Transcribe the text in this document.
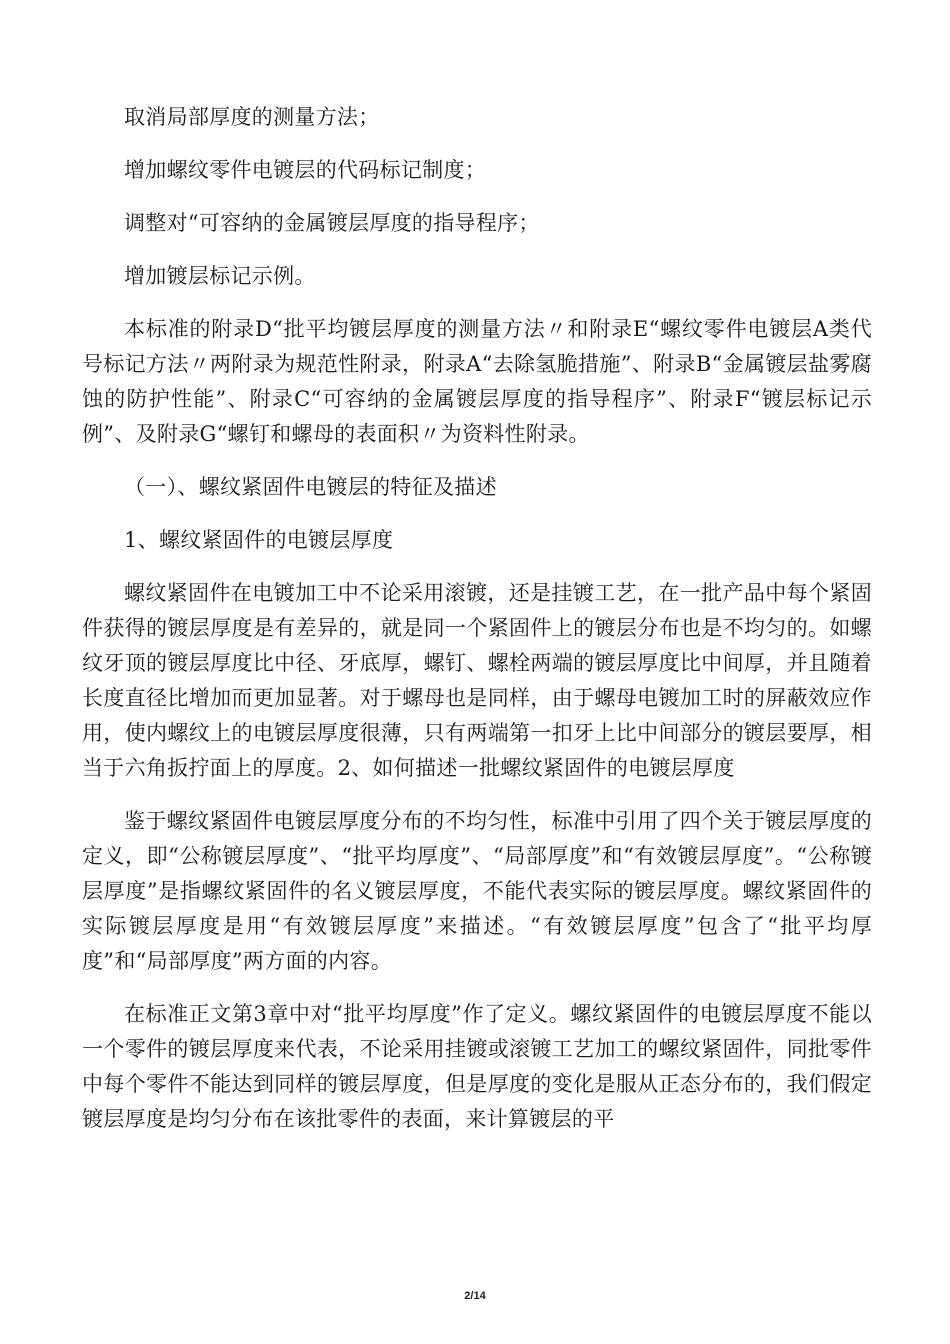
取消局部厚度的测量方法；

增加螺纹零件电镀层的代码标记制度；

调整对“可容纳的金属镀层厚度的指导程序；

增加镀层标记示例。

本标准的附录D“批平均镀层厚度的测量方法〃和附录E“螺纹零件电镀层A类代号标记方法〃两附录为规范性附录，附录A“去除氢脆措施”、附录B“金属镀层盐雾腐蚀的防护性能”、附录C“可容纳的金属镀层厚度的指导程序”、附录F“镀层标记示例”、及附录G“螺钉和螺母的表面积〃为资料性附录。

（一）、螺纹紧固件电镀层的特征及描述

1、螺纹紧固件的电镀层厚度

螺纹紧固件在电镀加工中不论采用滚镀，还是挂镀工艺，在一批产品中每个紧固件获得的镀层厚度是有差异的，就是同一个紧固件上的镀层分布也是不均匀的。如螺纹牙顶的镀层厚度比中径、牙底厚，螺钉、螺栓两端的镀层厚度比中间厚，并且随着长度直径比增加而更加显著。对于螺母也是同样，由于螺母电镀加工时的屏蔽效应作用，使内螺纹上的电镀层厚度很薄，只有两端第一扣牙上比中间部分的镀层要厚，相当于六角扳拧面上的厚度。2、如何描述一批螺纹紧固件的电镀层厚度

鉴于螺纹紧固件电镀层厚度分布的不均匀性，标准中引用了四个关于镀层厚度的定义，即“公称镀层厚度”、“批平均厚度”、“局部厚度”和“有效镀层厚度”。“公称镀层厚度”是指螺纹紧固件的名义镀层厚度，不能代表实际的镀层厚度。螺纹紧固件的实际镀层厚度是用“有效镀层厚度”来描述。“有效镀层厚度”包含了“批平均厚度”和“局部厚度”两方面的内容。

在标准正文第3章中对“批平均厚度”作了定义。螺纹紧固件的电镀层厚度不能以一个零件的镀层厚度来代表，不论采用挂镀或滚镀工艺加工的螺纹紧固件，同批零件中每个零件不能达到同样的镀层厚度，但是厚度的变化是服从正态分布的，我们假定镀层厚度是均匀分布在该批零件的表面，来计算镀层的平

2/14
